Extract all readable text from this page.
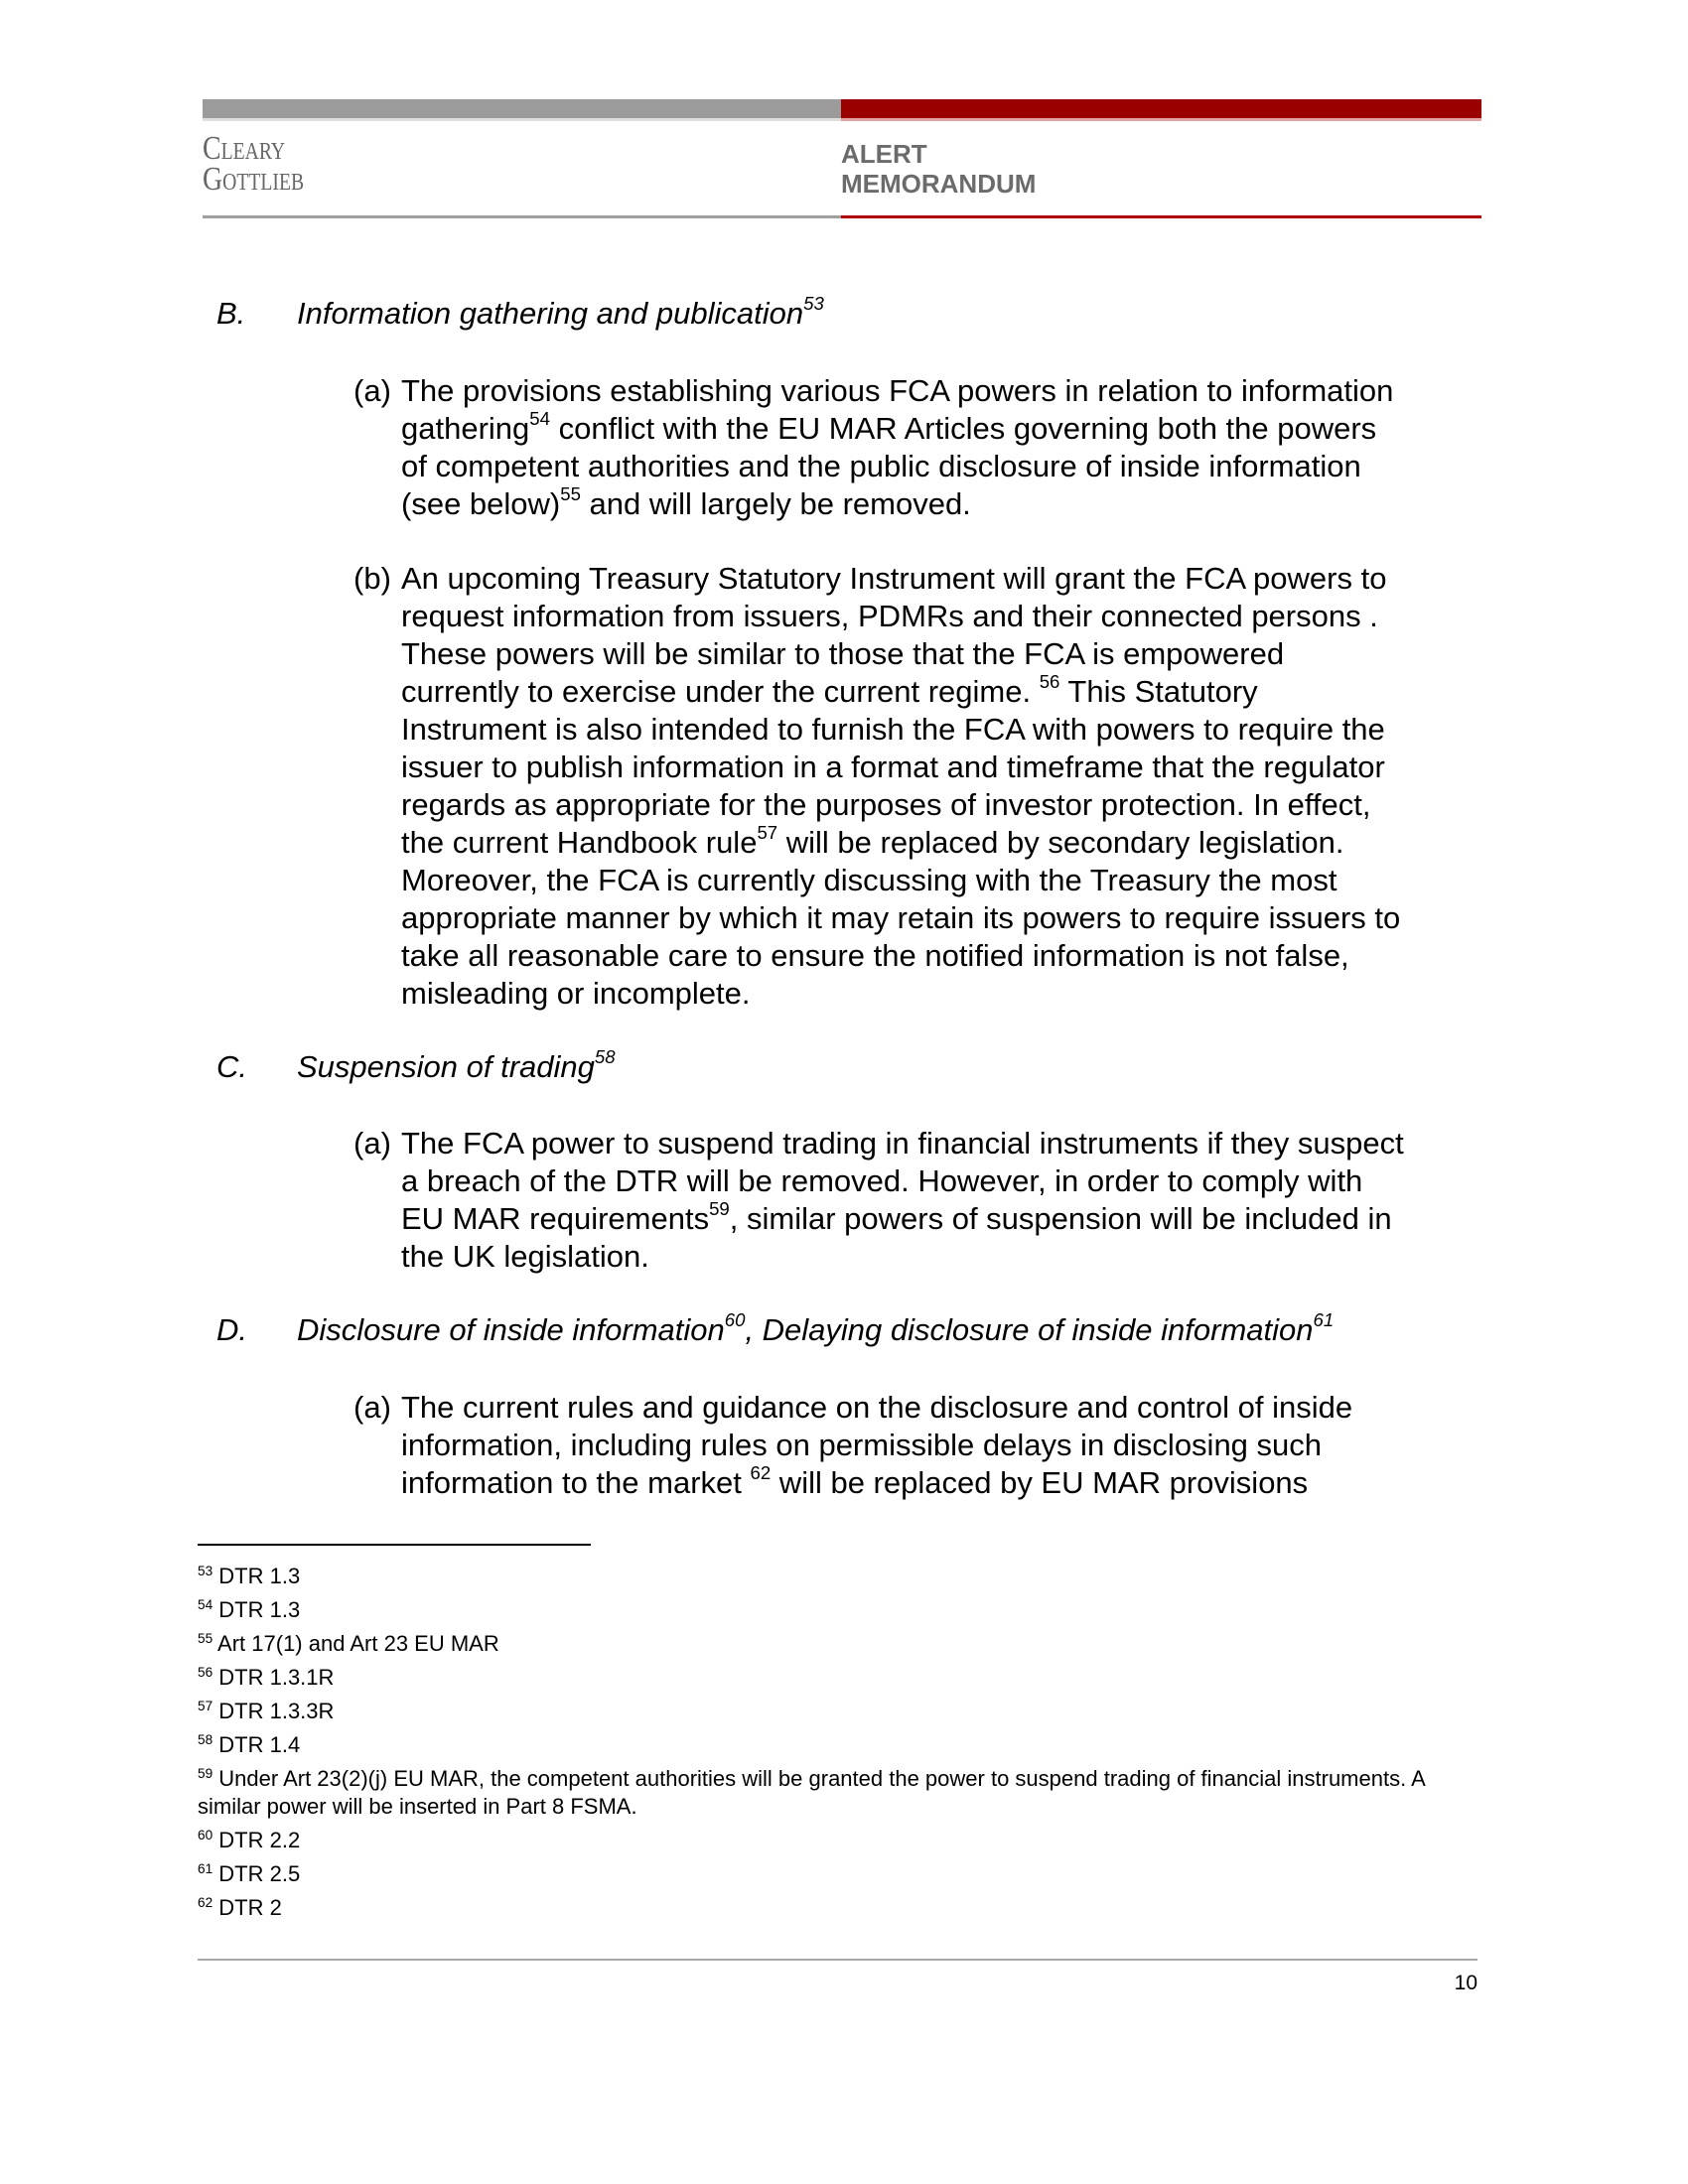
Cleary
Gottlieb
ALERT
MEMORANDUM
B. Information gathering and publication$^{53}$
(a) The provisions establishing various FCA powers in relation to information
gathering$^{54}$ conflict with the EU MAR Articles governing both the powers
of competent authorities and the public disclosure of inside information
(see below)$^{55}$ and will largely be removed.
(b) An upcoming Treasury Statutory Instrument will grant the FCA powers to
request information from issuers, PDMRs and their connected persons .
These powers will be similar to those that the FCA is empowered
currently to exercise under the current regime. $^{56}$ This Statutory
Instrument is also intended to furnish the FCA with powers to require the
issuer to publish information in a format and timeframe that the regulator
regards as appropriate for the purposes of investor protection. In effect,
the current Handbook rule$^{57}$ will be replaced by secondary legislation.
Moreover, the FCA is currently discussing with the Treasury the most
appropriate manner by which it may retain its powers to require issuers to
take all reasonable care to ensure the notified information is not false,
misleading or incomplete.
C. Suspension of trading$^{58}$
(a) The FCA power to suspend trading in financial instruments if they suspect
a breach of the DTR will be removed. However, in order to comply with
EU MAR requirements$^{59}$, similar powers of suspension will be included in
the UK legislation.
D. Disclosure of inside information$^{60}$, Delaying disclosure of inside information$^{61}$
(a) The current rules and guidance on the disclosure and control of inside
information, including rules on permissible delays in disclosing such
information to the market $^{62}$ will be replaced by EU MAR provisions
$^{53}$ DTR 1.3
$^{54}$ DTR 1.3
$^{55}$ Art 17(1) and Art 23 EU MAR
$^{56}$ DTR 1.3.1R
$^{57}$ DTR 1.3.3R
$^{58}$ DTR 1.4
$^{59}$ Under Art 23(2)(j) EU MAR, the competent authorities will be granted the power to suspend trading of financial instruments. A similar power will be inserted in Part 8 FSMA.
$^{60}$ DTR 2.2
$^{61}$ DTR 2.5
$^{62}$ DTR 2
10
